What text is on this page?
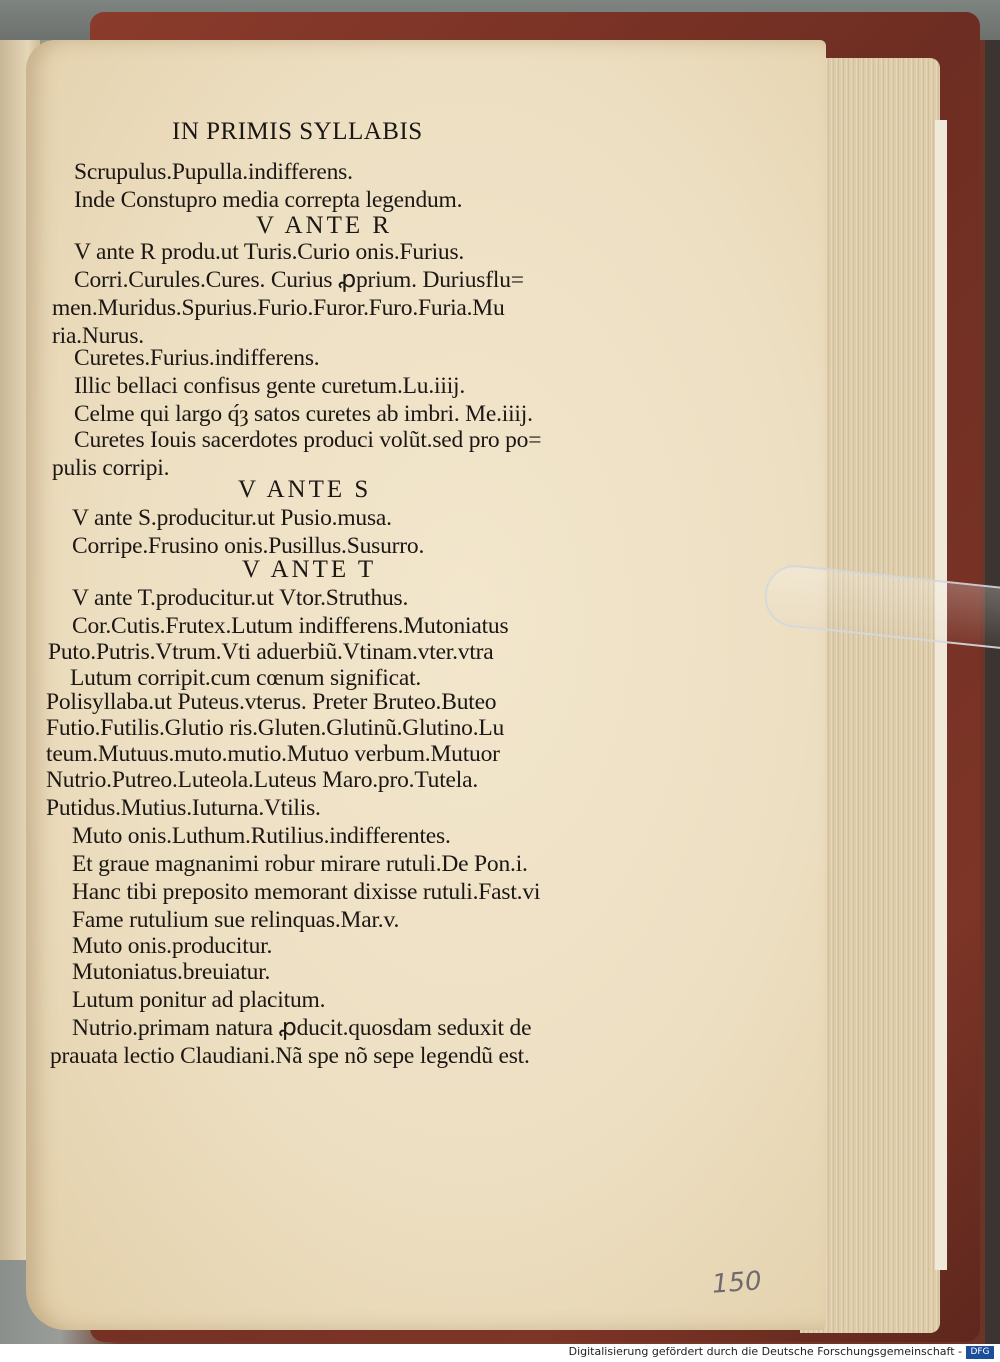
IN PRIMIS SYLLABIS
Scrupulus.Pupulla.indifferens.
Inde Constupro media correpta legendum.
V ANTE R
V ante R produ.ut Turis.Curio onis.Furius.
Corri.Curules.Cures. Curius ꝓprium. Duriusflu=
men.Muridus.Spurius.Furio.Furor.Furo.Furia.Mu
ria.Nurus.
Curetes.Furius.indifferens.
Illic bellaci confisus gente curetum.Lu.iiij.
Celme qui largo q́ȝ satos curetes ab imbri. Me.iiij.
Curetes Iouis sacerdotes produci volũt.sed pro po=
pulis corripi.
V ANTE S
V ante S.producitur.ut Pusio.musa.
Corripe.Frusino onis.Pusillus.Susurro.
V ANTE T
V ante T.producitur.ut Vtor.Struthus.
Cor.Cutis.Frutex.Lutum indifferens.Mutoniatus
Puto.Putris.Vtrum.Vti aduerbiũ.Vtinam.vter.vtra
Lutum corripit.cum cœnum significat.
Polisyllaba.ut Puteus.vterus. Preter Bruteo.Buteo
Futio.Futilis.Glutio ris.Gluten.Glutinũ.Glutino.Lu
teum.Mutuus.muto.mutio.Mutuo verbum.Mutuor
Nutrio.Putreo.Luteola.Luteus Maro.pro.Tutela.
Putidus.Mutius.Iuturna.Vtilis.
Muto onis.Luthum.Rutilius.indifferentes.
Et graue magnanimi robur mirare rutuli.De Pon.i.
Hanc tibi preposito memorant dixisse rutuli.Fast.vi
Fame rutulium sue relinquas.Mar.v.
Muto onis.producitur.
Mutoniatus.breuiatur.
Lutum ponitur ad placitum.
Nutrio.primam natura ꝓducit.quosdam seduxit de
prauata lectio Claudiani.Nã spe nõ sepe legendũ est.
150
Digitalisierung gefördert durch die Deutsche Forschungsgemeinschaft - DFG
